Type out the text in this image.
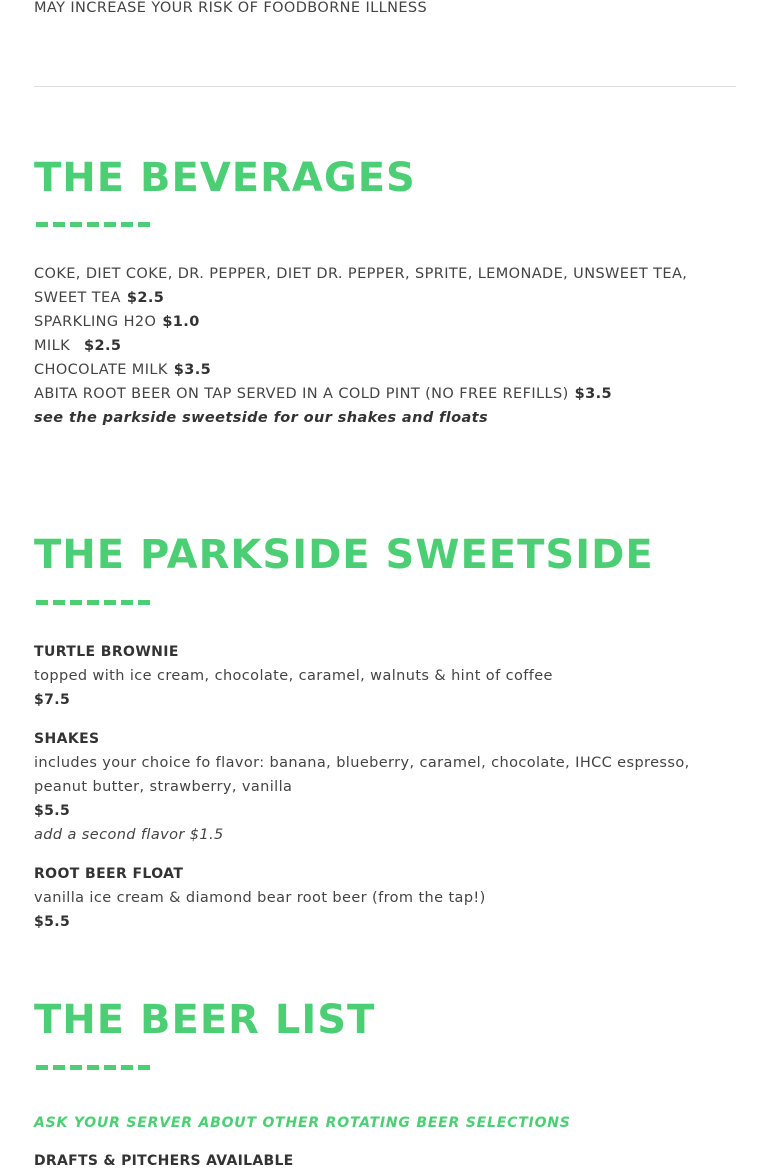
MAY INCREASE YOUR RISK OF FOODBORNE ILLNESS
THE BEVERAGES
COKE, DIET COKE, DR. PEPPER, DIET DR. PEPPER, SPRITE, LEMONADE, UNSWEET TEA, SWEET TEA $2.5
SPARKLING H2O $1.0
MILK $2.5
CHOCOLATE MILK $3.5
ABITA ROOT BEER ON TAP SERVED IN A COLD PINT (NO FREE REFILLS) $3.5
see the parkside sweetside for our shakes and floats
THE PARKSIDE SWEETSIDE
TURTLE BROWNIE
topped with ice cream, chocolate, caramel, walnuts & hint of coffee
$7.5
SHAKES
includes your choice fo flavor: banana, blueberry, caramel, chocolate, IHCC espresso, peanut butter, strawberry, vanilla
$5.5
add a second flavor $1.5
ROOT BEER FLOAT
vanilla ice cream & diamond bear root beer (from the tap!)
$5.5
THE BEER LIST
ASK YOUR SERVER ABOUT OTHER ROTATING BEER SELECTIONS
DRAFTS & PITCHERS AVAILABLE
